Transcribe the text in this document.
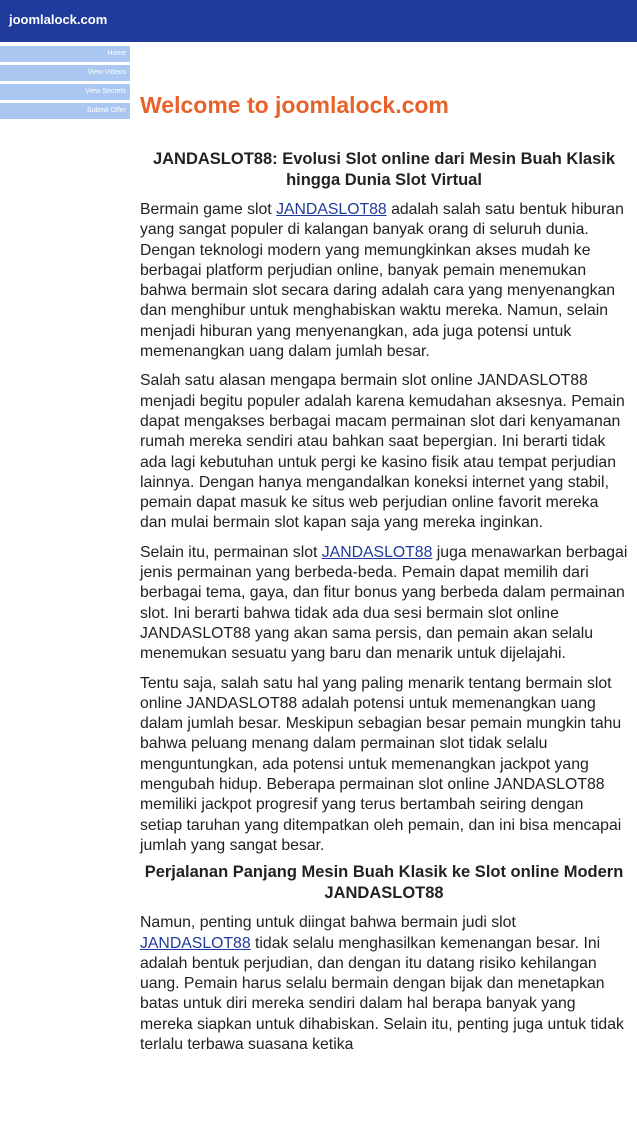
joomlalock.com
Home
View Videos
View Secrets
Submit Offer Welcome to joomlalock.com
JANDASLOT88: Evolusi Slot online dari Mesin Buah Klasik hingga Dunia Slot Virtual

Bermain game slot JANDASLOT88 adalah salah satu bentuk hiburan yang sangat populer di kalangan banyak orang di seluruh dunia. Dengan teknologi modern yang memungkinkan akses mudah ke berbagai platform perjudian online, banyak pemain menemukan bahwa bermain slot secara daring adalah cara yang menyenangkan dan menghibur untuk menghabiskan waktu mereka. Namun, selain menjadi hiburan yang menyenangkan, ada juga potensi untuk memenangkan uang dalam jumlah besar.

Salah satu alasan mengapa bermain slot online JANDASLOT88 menjadi begitu populer adalah karena kemudahan aksesnya. Pemain dapat mengakses berbagai macam permainan slot dari kenyamanan rumah mereka sendiri atau bahkan saat bepergian. Ini berarti tidak ada lagi kebutuhan untuk pergi ke kasino fisik atau tempat perjudian lainnya. Dengan hanya mengandalkan koneksi internet yang stabil, pemain dapat masuk ke situs web perjudian online favorit mereka dan mulai bermain slot kapan saja yang mereka inginkan.

Selain itu, permainan slot JANDASLOT88 juga menawarkan berbagai jenis permainan yang berbeda-beda. Pemain dapat memilih dari berbagai tema, gaya, dan fitur bonus yang berbeda dalam permainan slot. Ini berarti bahwa tidak ada dua sesi bermain slot online JANDASLOT88 yang akan sama persis, dan pemain akan selalu menemukan sesuatu yang baru dan menarik untuk dijelajahi.

Tentu saja, salah satu hal yang paling menarik tentang bermain slot online JANDASLOT88 adalah potensi untuk memenangkan uang dalam jumlah besar. Meskipun sebagian besar pemain mungkin tahu bahwa peluang menang dalam permainan slot tidak selalu menguntungkan, ada potensi untuk memenangkan jackpot yang mengubah hidup. Beberapa permainan slot online JANDASLOT88 memiliki jackpot progresif yang terus bertambah seiring dengan setiap taruhan yang ditempatkan oleh pemain, dan ini bisa mencapai jumlah yang sangat besar.

Perjalanan Panjang Mesin Buah Klasik ke Slot online Modern JANDASLOT88

Namun, penting untuk diingat bahwa bermain judi slot JANDASLOT88 tidak selalu menghasilkan kemenangan besar. Ini adalah bentuk perjudian, dan dengan itu datang risiko kehilangan uang. Pemain harus selalu bermain dengan bijak dan menetapkan batas untuk diri mereka sendiri dalam hal berapa banyak yang mereka siapkan untuk dihabiskan. Selain itu, penting juga untuk tidak terlalu terbawa suasana ketika
